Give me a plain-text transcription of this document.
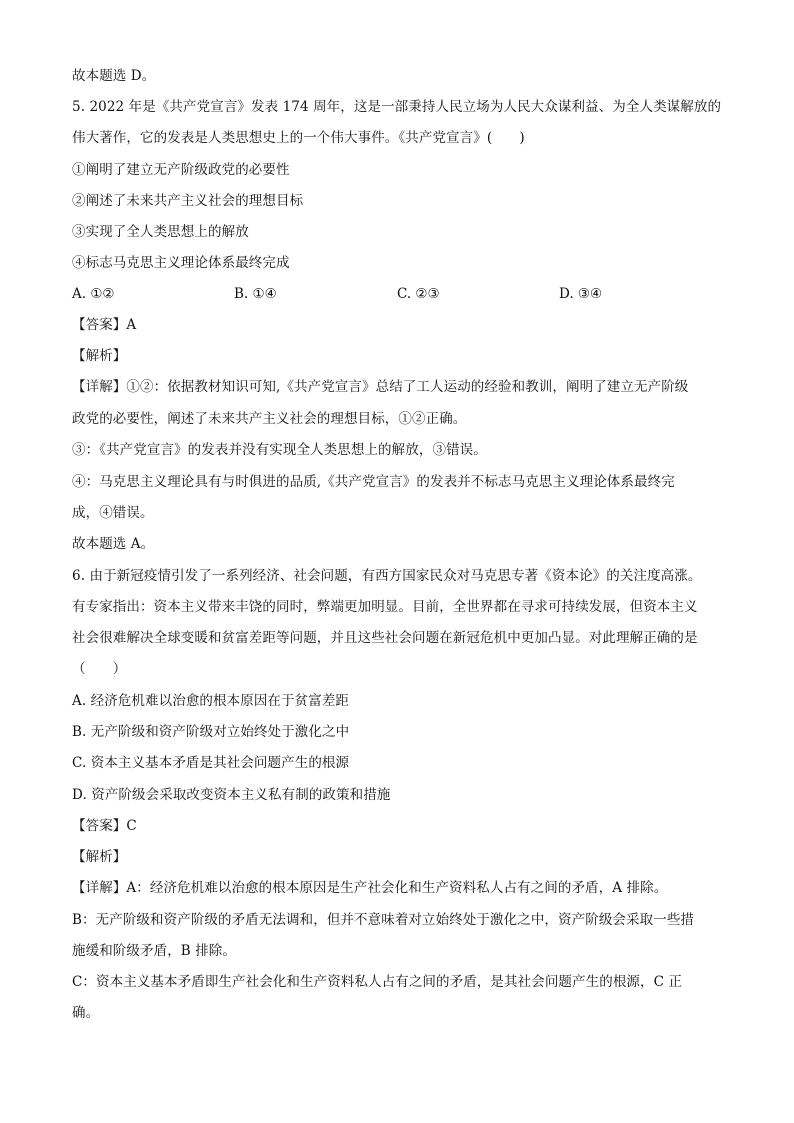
故本题选 D。
5. 2022 年是《共产党宣言》发表 174 周年，这是一部秉持人民立场为人民大众谋利益、为全人类谋解放的
伟大著作，它的发表是人类思想史上的一个伟大事件。《共产党宣言》(　　)
①阐明了建立无产阶级政党的必要性
②阐述了未来共产主义社会的理想目标
③实现了全人类思想上的解放
④标志马克思主义理论体系最终完成
A. ①②	B. ①④	C. ②③	D. ③④
【答案】A
【解析】
【详解】①②：依据教材知识可知,《共产党宣言》总结了工人运动的经验和教训，阐明了建立无产阶级
政党的必要性，阐述了未来共产主义社会的理想目标，①②正确。
③：《共产党宣言》的发表并没有实现全人类思想上的解放，③错误。
④：马克思主义理论具有与时俱进的品质,《共产党宣言》的发表并不标志马克思主义理论体系最终完
成，④错误。
故本题选 A。
6. 由于新冠疫情引发了一系列经济、社会问题，有西方国家民众对马克思专著《资本论》的关注度高涨。
有专家指出：资本主义带来丰饶的同时，弊端更加明显。目前，全世界都在寻求可持续发展，但资本主义
社会很难解决全球变暖和贫富差距等问题，并且这些社会问题在新冠危机中更加凸显。对此理解正确的是
（　　）
A. 经济危机难以治愈的根本原因在于贫富差距
B. 无产阶级和资产阶级对立始终处于激化之中
C. 资本主义基本矛盾是其社会问题产生的根源
D. 资产阶级会采取改变资本主义私有制的政策和措施
【答案】C
【解析】
【详解】A：经济危机难以治愈的根本原因是生产社会化和生产资料私人占有之间的矛盾，A 排除。
B：无产阶级和资产阶级的矛盾无法调和，但并不意味着对立始终处于激化之中，资产阶级会采取一些措
施缓和阶级矛盾，B 排除。
C：资本主义基本矛盾即生产社会化和生产资料私人占有之间的矛盾，是其社会问题产生的根源，C 正
确。
